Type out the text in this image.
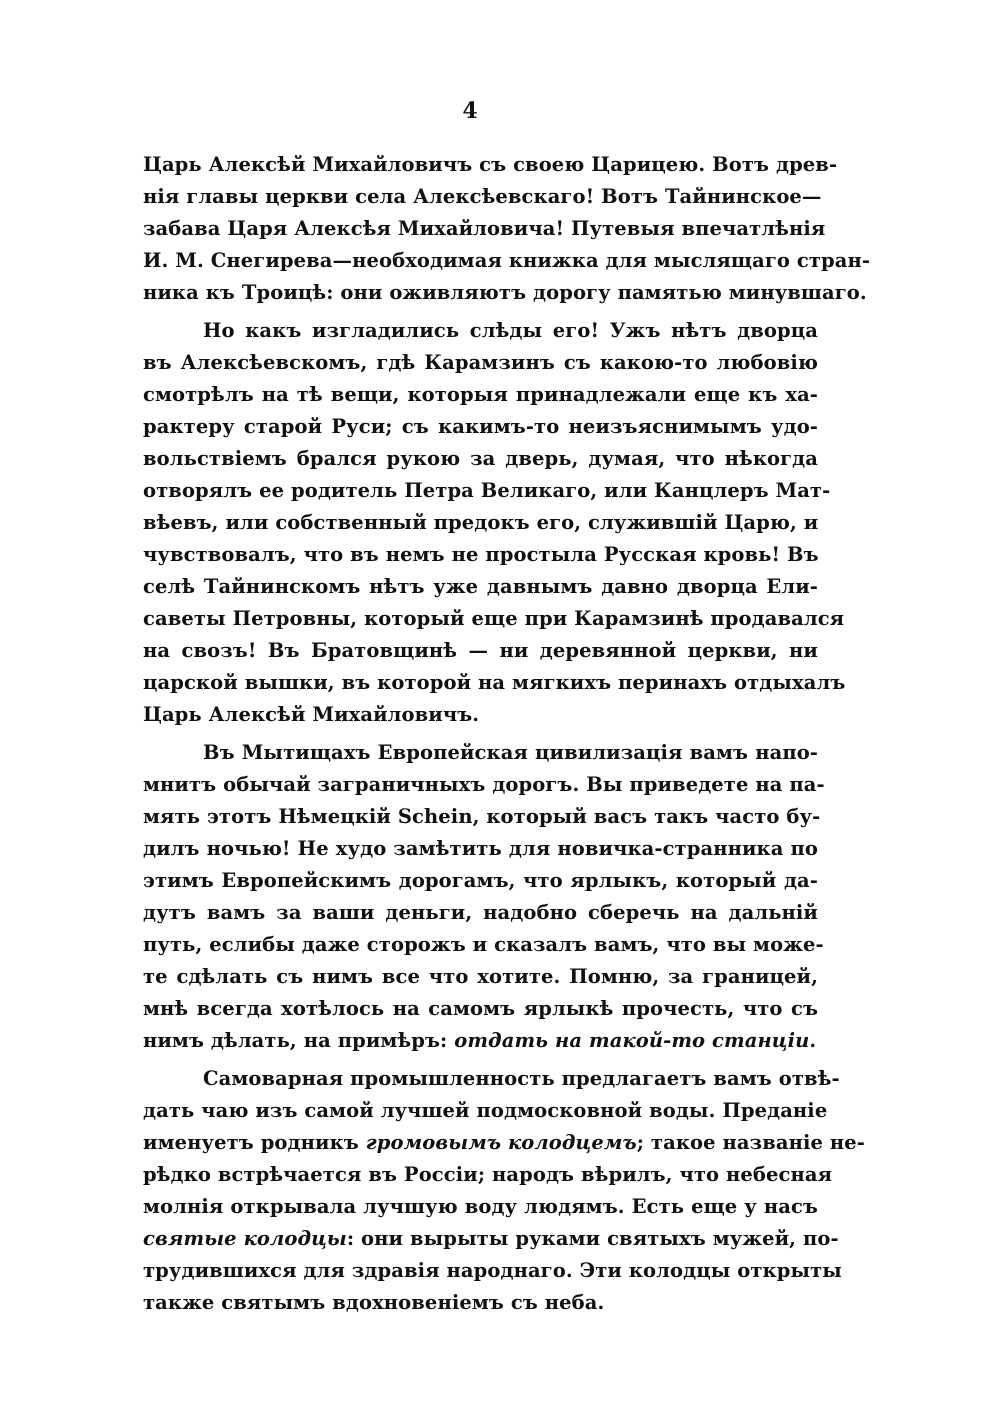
4
Царь Алексѣй Михайловичъ съ своею Царицею. Вотъ древ-
нія главы церкви села Алексѣевскаго! Вотъ Тайнинское—
забава Царя Алексѣя Михайловича! Путевыя впечатлѣнія
И. М. Снегирева—необходимая книжка для мыслящаго стран-
ника къ Троицѣ: они оживляютъ дорогу памятью минувшаго.
Но какъ изгладились слѣды его! Ужъ нѣтъ дворца
въ Алексѣевскомъ, гдѣ Карамзинъ съ какою-то любовію
смотрѣлъ на тѣ вещи, которыя принадлежали еще къ ха-
рактеру старой Руси; съ какимъ-то неизъяснимымъ удо-
вольствіемъ брался рукою за дверь, думая, что нѣкогда
отворялъ ее родитель Петра Великаго, или Канцлеръ Мат-
вѣевъ, или собственный предокъ его, служившій Царю, и
чувствовалъ, что въ немъ не простыла Русская кровь! Въ
селѣ Тайнинскомъ нѣтъ уже давнымъ давно дворца Ели-
саветы Петровны, который еще при Карамзинѣ продавался
на свозъ! Въ Братовщинѣ — ни деревянной церкви, ни
царской вышки, въ которой на мягкихъ перинахъ отдыхалъ
Царь Алексѣй Михайловичъ.
Въ Мытищахъ Европейская цивилизація вамъ напо-
мнитъ обычай заграничныхъ дорогъ. Вы приведете на па-
мять этотъ Нѣмецкій Schein, который васъ такъ часто бу-
дилъ ночью! Не худо замѣтить для новичка-странника по
этимъ Европейскимъ дорогамъ, что ярлыкъ, который да-
дутъ вамъ за ваши деньги, надобно сберечь на дальній
путь, еслибы даже сторожъ и сказалъ вамъ, что вы може-
те сдѣлать съ нимъ все что хотите. Помню, за границей,
мнѣ всегда хотѣлось на самомъ ярлыкѣ прочесть, что съ
нимъ дѣлать, на примѣръ: отдать на такой-то станціи.
Самоварная промышленность предлагаетъ вамъ отвѣ-
дать чаю изъ самой лучшей подмосковной воды. Преданіе
именуетъ родникъ громовымъ колодцемъ; такое названіе не-
рѣдко встрѣчается въ Россіи; народъ вѣрилъ, что небесная
молнія открывала лучшую воду людямъ. Есть еще у насъ
святые колодцы: они вырыты руками святыхъ мужей, по-
трудившихся для здравія народнаго. Эти колодцы открыты
также святымъ вдохновеніемъ съ неба.
